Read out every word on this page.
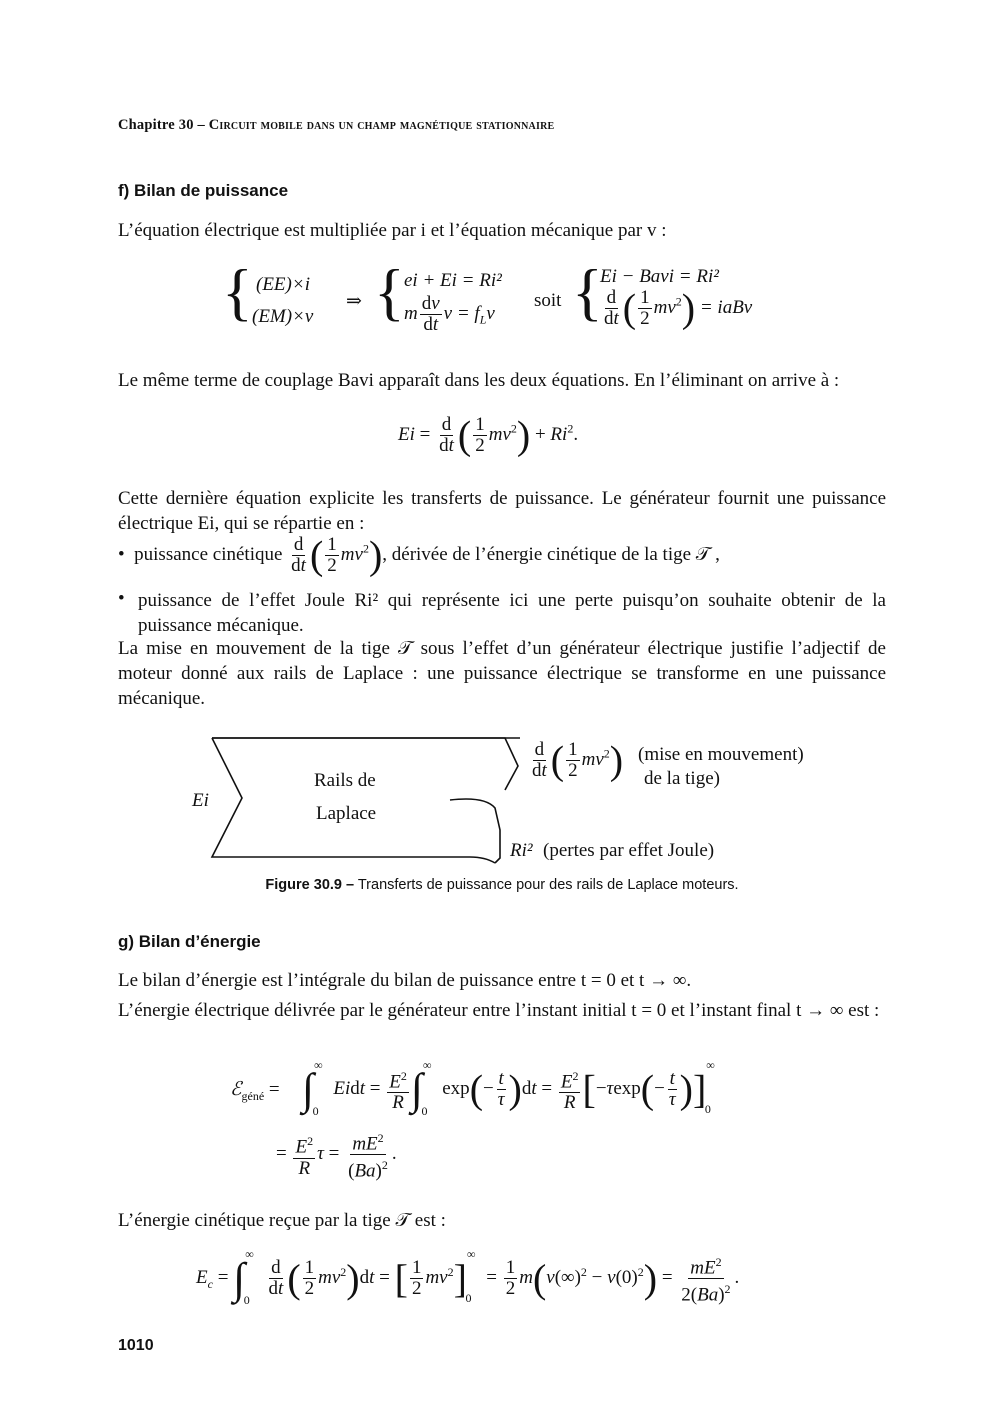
Chapitre 30 – Circuit mobile dans un champ magnétique stationnaire
f) Bilan de puissance
L’équation électrique est multipliée par i et l’équation mécanique par v :
{ (EE)×i
(EM)×v
⇒ { ei + Ei = Ri²
m $\frac{dv}{dt}$ $v = f_Lv$
soit {
Ei − Bavi = Ri²
$\frac{d}{dt}$ ( $\frac{1}{2} mv^2$) = iaBv
Le même terme de couplage Bavi apparaît dans les deux équations. En l’éliminant on arrive à :
$Ei = \frac{d}{dt}$ ( $\frac{1}{2} mv^2) + Ri^2$.
Cette dernière équation explicite les transferts de puissance. Le générateur fournit une puissance électrique Ei, qui se répartie en :
•  puissance cinétique $\frac{d}{dt}$ ( $\frac{1}{2} mv^2$), dérivée de l’énergie cinétique de la tige 𝒯 ,
• puissance de l’effet Joule Ri² qui représente ici une perte puisqu’on souhaite obtenir de la puissance mécanique.
La mise en mouvement de la tige 𝒯 sous l’effet d’un générateur électrique justifie l’adjectif de moteur donné aux rails de Laplace : une puissance électrique se transforme en une puissance mécanique.
Ei
Rails de
Laplace
$\frac{d}{dt}$ ( $\frac{1}{2} mv^2$) (mise en mouvement)
de la tige)
Ri² (pertes par effet Joule)
Figure 30.9 – Transferts de puissance pour des rails de Laplace moteurs.
g) Bilan d’énergie
Le bilan d’énergie est l’intégrale du bilan de puissance entre t = 0 et t → ∞.
L’énergie électrique délivrée par le générateur entre l’instant initial t = 0 et l’instant final t → ∞ est :
ℰ$_{géné}$ = $\int^\infty_0$ Eidt = $\frac{E^2}{R} \int^\infty_0$ $\exp(- \frac{t}{\tau} )dt = \frac{E^2}{R} [-\tau\exp(- \frac{t}{\tau} )]^\infty_0$
= $\frac{E^2}{R}$ $\tau = \frac{mE^2}{(Ba)^2}$ .
L’énergie cinétique reçue par la tige 𝒯 est :
$E_c = \int^\infty_0$
$\frac{d}{dt}$ ( $\frac{1}{2} mv^2)dt$ = [ $\frac{1}{2} mv^2]^\infty_0 = \frac{1}{2} m(v(\infty)^2 - v(0)^2) = \frac{mE^2}{2(Ba)^2}$ .
1010
